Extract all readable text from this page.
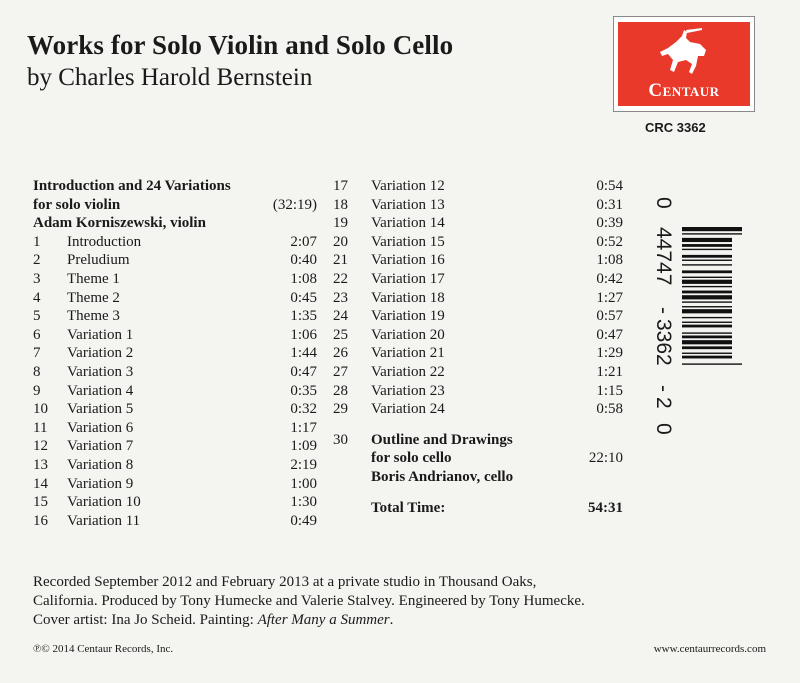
Works for Solo Violin and Solo Cello
by Charles Harold Bernstein	Centaur
CRC 3362
Introduction and 24 Variations
for solo violin	(32:19)
Adam Korniszewski, violin
1 Introduction	2:07
2 Preludium	0:40
3 Theme 1	1:08
4 Theme 2	0:45
5 Theme 3	1:35
6 Variation 1	1:06
7 Variation 2	1:44
8 Variation 3	0:47
9 Variation 4	0:35
10 Variation 5	0:32
11 Variation 6	1:17
12 Variation 7	1:09
13 Variation 8	2:19
14 Variation 9	1:00
15 Variation 10	1:30
16 Variation 11	0:49
17 Variation 12	0:54
18 Variation 13	0:31
19 Variation 14	0:39
20 Variation 15	0:52
21 Variation 16	1:08
22 Variation 17	0:42
23 Variation 18	1:27
24 Variation 19	0:57
25 Variation 20	0:47
26 Variation 21	1:29
27 Variation 22	1:21
28 Variation 23	1:15
29 Variation 24	0:58
30 Outline and Drawings
for solo cello	22:10
Boris Andrianov, cello
Total Time:	54:31
0
44747
-
3362
-
2
0
Recorded September 2012 and February 2013 at a private studio in Thousand Oaks,
California. Produced by Tony Humecke and Valerie Stalvey. Engineered by Tony Humecke.
Cover artist: Ina Jo Scheid. Painting: After Many a Summer.
℗© 2014 Centaur Records, Inc.	www.centaurrecords.com
